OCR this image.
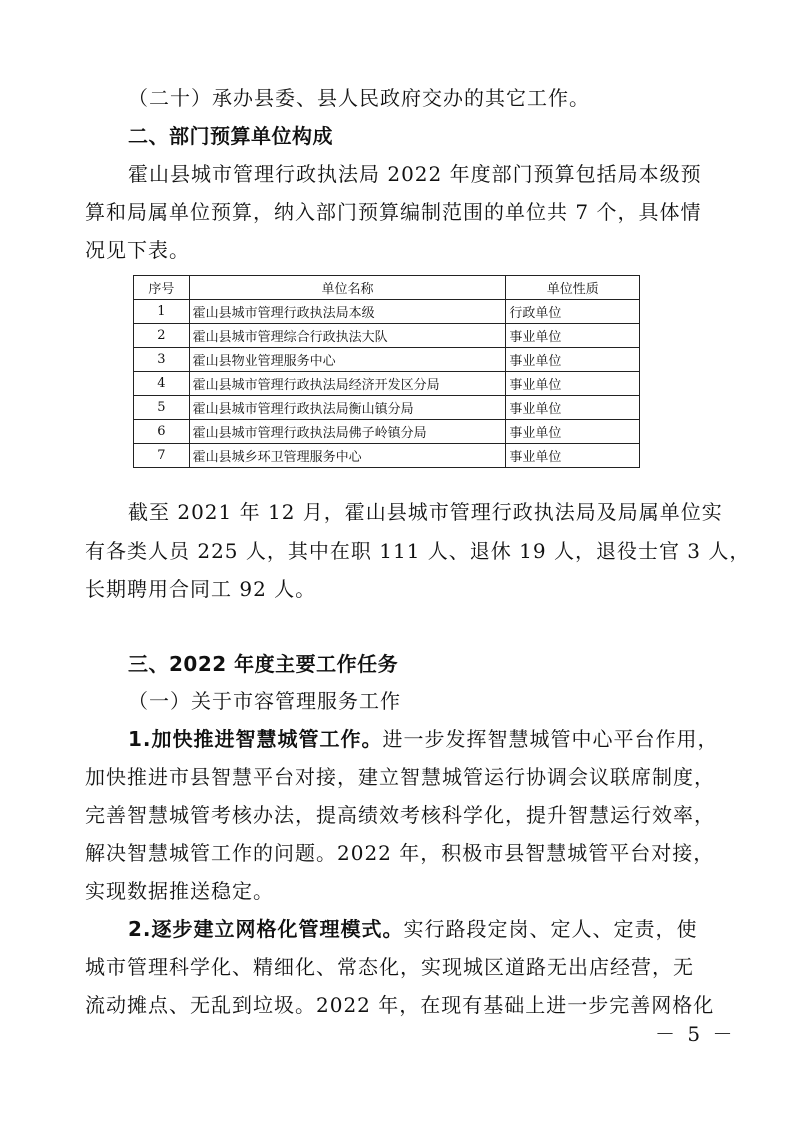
（二十）承办县委、县人民政府交办的其它工作。
二、部门预算单位构成
霍山县城市管理行政执法局 2022 年度部门预算包括局本级预
算和局属单位预算，纳入部门预算编制范围的单位共 7 个，具体情
况见下表。
序号	单位名称	单位性质
1	霍山县城市管理行政执法局本级	行政单位
2	霍山县城市管理综合行政执法大队	事业单位
3	霍山县物业管理服务中心	事业单位
4	霍山县城市管理行政执法局经济开发区分局	事业单位
5	霍山县城市管理行政执法局衡山镇分局	事业单位
6	霍山县城市管理行政执法局佛子岭镇分局	事业单位
7	霍山县城乡环卫管理服务中心	事业单位
截至 2021 年 12 月，霍山县城市管理行政执法局及局属单位实
有各类人员 225 人，其中在职 111 人、退休 19 人，退役士官 3 人，
长期聘用合同工 92 人。
三、2022 年度主要工作任务
（一）关于市容管理服务工作
1.加快推进智慧城管工作。进一步发挥智慧城管中心平台作用，
加快推进市县智慧平台对接，建立智慧城管运行协调会议联席制度，
完善智慧城管考核办法，提高绩效考核科学化，提升智慧运行效率，
解决智慧城管工作的问题。2022 年，积极市县智慧城管平台对接，
实现数据推送稳定。
2.逐步建立网格化管理模式。实行路段定岗、定人、定责，使
城市管理科学化、精细化、常态化，实现城区道路无出店经营，无
流动摊点、无乱到垃圾。2022 年，在现有基础上进一步完善网格化
－ 5 －
